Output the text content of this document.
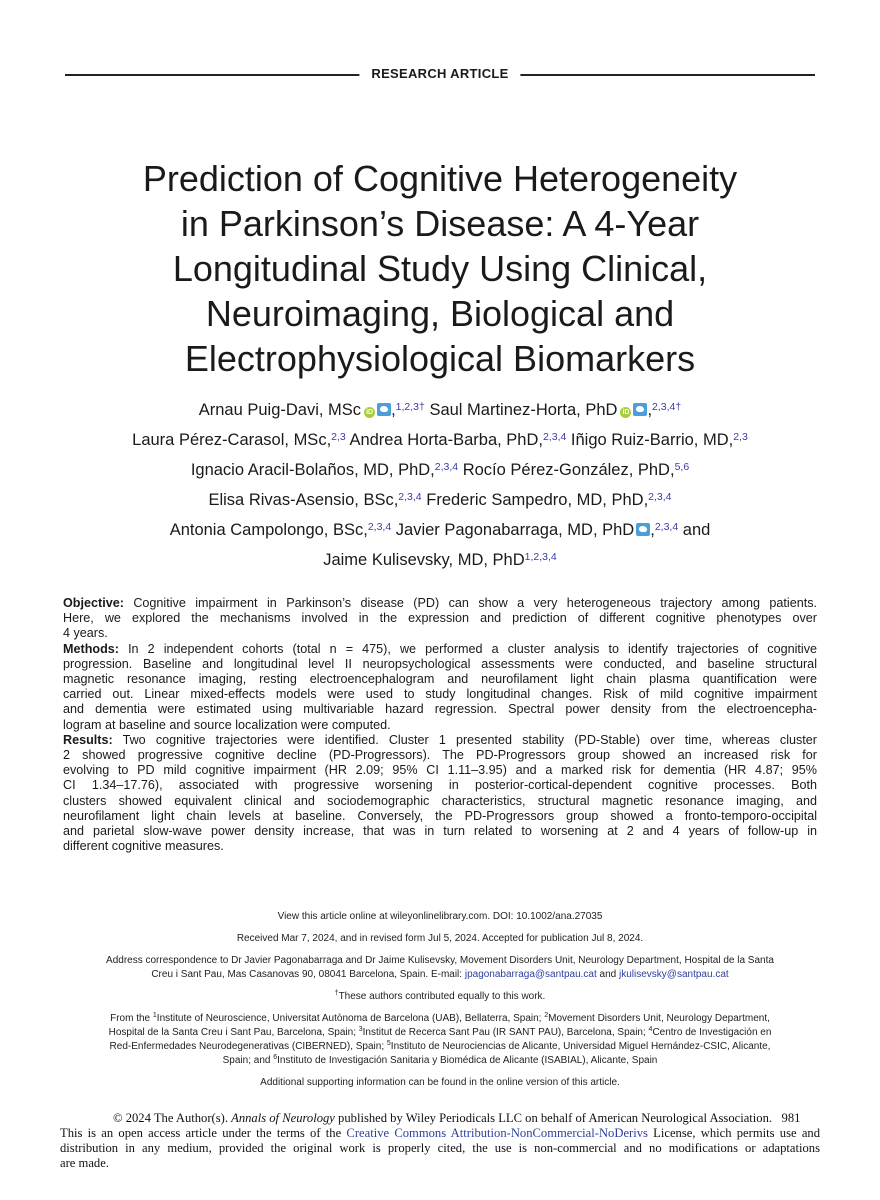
RESEARCH ARTICLE
Prediction of Cognitive Heterogeneity
in Parkinson’s Disease: A 4-Year
Longitudinal Study Using Clinical,
Neuroimaging, Biological and
Electrophysiological Biomarkers
Arnau Puig-Davi, MSc iD ,$^{1,2,3\dagger}$ Saul Martinez-Horta, PhD iD ,$^{2,3,4\dagger}$
Laura Pérez-Carasol, MSc,$^{2,3}$ Andrea Horta-Barba, PhD,$^{2,3,4}$ Iñigo Ruiz-Barrio, MD,$^{2,3}$
Ignacio Aracil-Bolaños, MD, PhD,$^{2,3,4}$ Rocío Pérez-González, PhD,$^{5,6}$
Elisa Rivas-Asensio, BSc,$^{2,3,4}$ Frederic Sampedro, MD, PhD,$^{2,3,4}$
Antonia Campolongo, BSc,$^{2,3,4}$ Javier Pagonabarraga, MD, PhD ,$^{2,3,4}$ and
Jaime Kulisevsky, MD, PhD$^{1,2,3,4}$
Objective: Cognitive impairment in Parkinson’s disease (PD) can show a very heterogeneous trajectory among patients.
Here, we explored the mechanisms involved in the expression and prediction of different cognitive phenotypes over
4 years.
Methods: In 2 independent cohorts (total n = 475), we performed a cluster analysis to identify trajectories of cognitive
progression. Baseline and longitudinal level II neuropsychological assessments were conducted, and baseline structural
magnetic resonance imaging, resting electroencephalogram and neurofilament light chain plasma quantification were
carried out. Linear mixed-effects models were used to study longitudinal changes. Risk of mild cognitive impairment
and dementia were estimated using multivariable hazard regression. Spectral power density from the electroencepha-
logram at baseline and source localization were computed.
Results: Two cognitive trajectories were identified. Cluster 1 presented stability (PD-Stable) over time, whereas cluster
2 showed progressive cognitive decline (PD-Progressors). The PD-Progressors group showed an increased risk for
evolving to PD mild cognitive impairment (HR 2.09; 95% CI 1.11–3.95) and a marked risk for dementia (HR 4.87; 95%
CI 1.34–17.76), associated with progressive worsening in posterior-cortical-dependent cognitive processes. Both
clusters showed equivalent clinical and sociodemographic characteristics, structural magnetic resonance imaging, and
neurofilament light chain levels at baseline. Conversely, the PD-Progressors group showed a fronto-temporo-occipital
and parietal slow-wave power density increase, that was in turn related to worsening at 2 and 4 years of follow-up in
different cognitive measures.

View this article online at wileyonlinelibrary.com. DOI: 10.1002/ana.27035

Received Mar 7, 2024, and in revised form Jul 5, 2024. Accepted for publication Jul 8, 2024.

Address correspondence to Dr Javier Pagonabarraga and Dr Jaime Kulisevsky, Movement Disorders Unit, Neurology Department, Hospital de la Santa
Creu i Sant Pau, Mas Casanovas 90, 08041 Barcelona, Spain. E-mail: jpagonabarraga@santpau.cat and jkulisevsky@santpau.cat

†These authors contributed equally to this work.

From the $^1$Institute of Neuroscience, Universitat Autònoma de Barcelona (UAB), Bellaterra, Spain; $^2$Movement Disorders Unit, Neurology Department,
Hospital de la Santa Creu i Sant Pau, Barcelona, Spain; $^3$Institut de Recerca Sant Pau (IR SANT PAU), Barcelona, Spain; $^4$Centro de Investigación en
Red-Enfermedades Neurodegenerativas (CIBERNED), Spain; $^5$Instituto de Neurociencias de Alicante, Universidad Miguel Hernández-CSIC, Alicante,
Spain; and $^6$Instituto de Investigación Sanitaria y Biomédica de Alicante (ISABIAL), Alicante, Spain

Additional supporting information can be found in the online version of this article.

© 2024 The Author(s). Annals of Neurology published by Wiley Periodicals LLC on behalf of American Neurological Association. 981
This is an open access article under the terms of the Creative Commons Attribution-NonCommercial-NoDerivs License, which permits use and
distribution in any medium, provided the original work is properly cited, the use is non-commercial and no modifications or adaptations
are made.
